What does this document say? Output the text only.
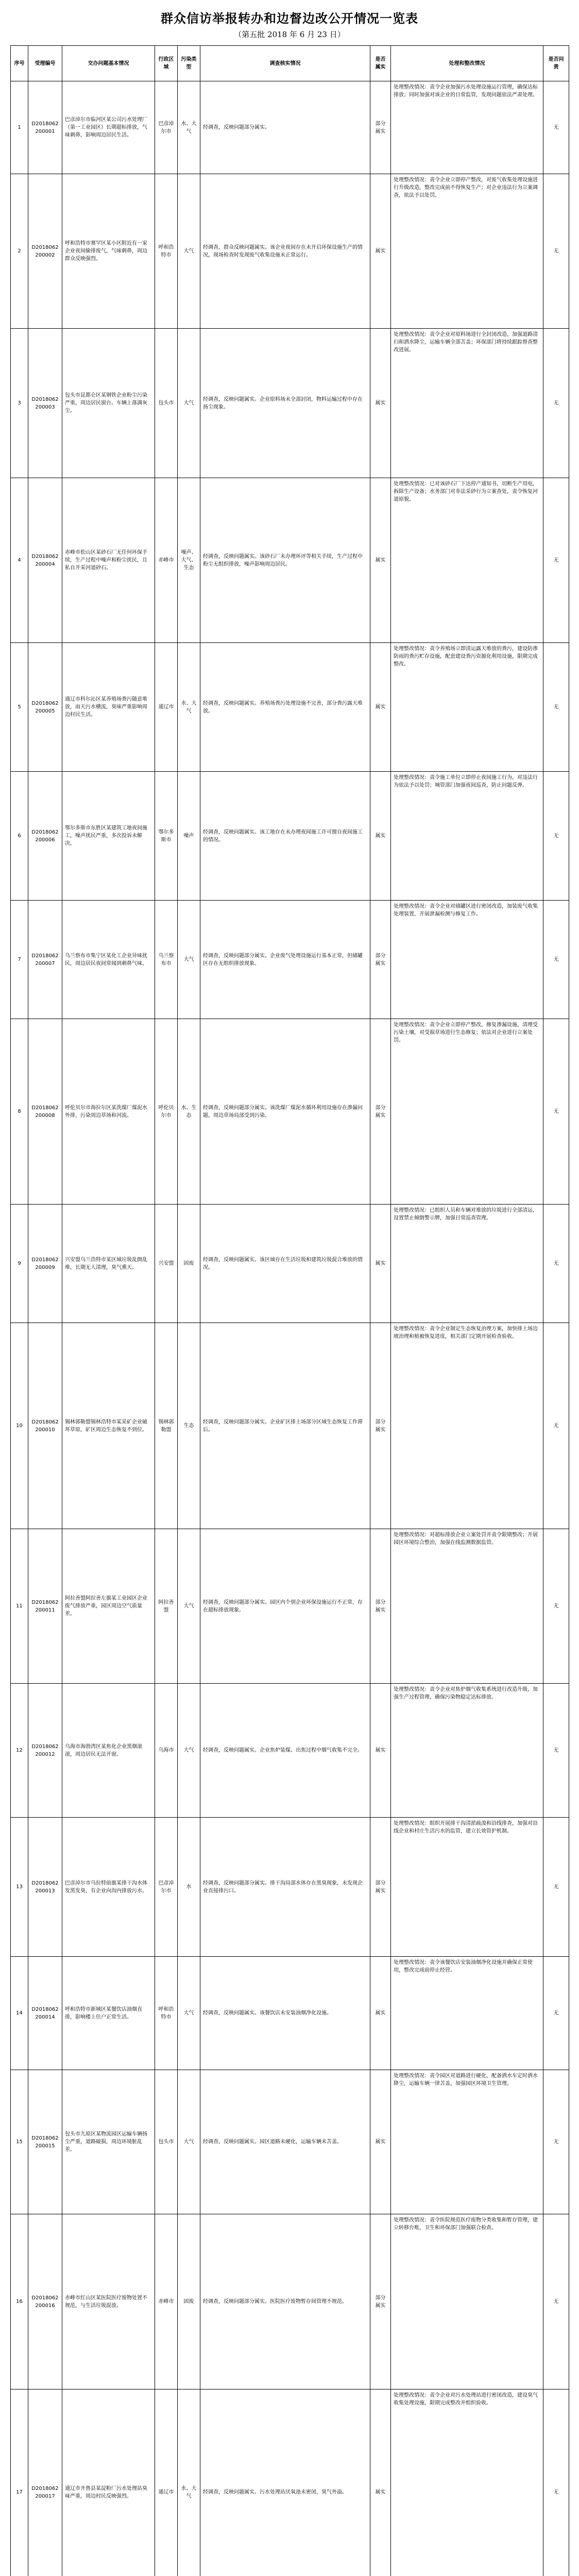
群众信访举报转办和边督边改公开情况一览表
（第五批 2018 年 6 月 23 日）
序号	受理编号	交办问题基本情况	行政区域	污染类型	调查核实情况	是否属实	处理和整改情况	是否问责
1	D2018062200001	巴彦淖尔市临河区某公司污水处理厂（第一工业园区）长期超标排放，气味刺鼻，影响周边居民生活。	巴彦淖尔市	水、大气	经调查，反映问题部分属实。	部分属实	处理整改情况：责令企业加强污水处理设施运行管理，确保达标排放；同时加强对该企业的日常监管，发现问题依法严肃处理。	无
2	D2018062200002	呼和浩特市赛罕区某小区附近有一家企业夜间偷排废气，气味刺鼻，周边群众反映强烈。	呼和浩特市	大气	经调查，群众反映问题属实。该企业夜间存在未开启环保设施生产的情况，现场检查时发现废气收集设施未正常运行。	属实	处理整改情况：责令企业立即停产整改，对废气收集处理设施进行升级改造，整改完成前不得恢复生产；对企业违法行为立案调查，依法予以处罚。	无
3	D2018062200003	包头市昆都仑区某钢铁企业粉尘污染严重，周边居民窗台、车辆上落满灰尘。	包头市	大气	经调查，反映问题属实。企业原料场未全部封闭，物料运输过程中存在扬尘现象。	属实	处理整改情况：责令企业对原料场进行全封闭改造，加强道路清扫和洒水降尘，运输车辆全部苫盖；环保部门将持续跟踪督查整改进展。	无
4	D2018062200004	赤峰市松山区某砂石厂无任何环保手续，生产过程中噪声和粉尘扰民，且私自开采河道砂石。	赤峰市	噪声、大气、生态	经调查，反映问题属实。该砂石厂未办理环评等相关手续，生产过程中粉尘无组织排放，噪声影响周边居民。	属实	处理整改情况：已对该砂石厂下达停产通知书，切断生产用电，拆除生产设备；水务部门对非法采砂行为立案查处，责令恢复河道原貌。	无
5	D2018062200005	通辽市科尔沁区某养殖场粪污随意堆放，雨天污水横流，臭味严重影响周边村民生活。	通辽市	水、大气	经调查，反映问题属实。养殖场粪污处理设施不完善，部分粪污露天堆放。	属实	处理整改情况：责令养殖场立即清运露天堆放的粪污，建设防渗防雨的粪污贮存设施，配套建设粪污资源化利用设施，限期完成整改。	无
6	D2018062200006	鄂尔多斯市东胜区某建筑工地夜间施工，噪声扰民严重，多次投诉未解决。	鄂尔多斯市	噪声	经调查，反映问题属实。该工地存在未办理夜间施工许可擅自夜间施工的情况。	属实	处理整改情况：责令施工单位立即停止夜间施工行为，对违法行为依法予以处罚；城管部门加强夜间巡查，防止问题反弹。	无
7	D2018062200007	乌兰察布市集宁区某化工企业异味扰民，周边居民夜间常闻到刺鼻气味。	乌兰察布市	大气	经调查，反映问题部分属实。企业废气处理设施运行基本正常，但储罐区存在无组织排放现象。	部分属实	处理整改情况：责令企业对储罐区进行密闭改造，加装废气收集处理装置，开展泄漏检测与修复工作。	无
8	D2018062200008	呼伦贝尔市海拉尔区某洗煤厂煤泥水外排，污染周边草场和河流。	呼伦贝尔市	水、生态	经调查，反映问题部分属实。该洗煤厂煤泥水循环利用设施存在渗漏问题，周边草场局部受到污染。	部分属实	处理整改情况：责令企业立即停产整改，修复渗漏设施，清理受污染土壤，对受损草场进行生态修复；依法对企业进行立案处罚。	无
9	D2018062200009	兴安盟乌兰浩特市某区域垃圾乱倒乱堆，长期无人清理，臭气熏天。	兴安盟	固废	经调查，反映问题属实。该区域存在生活垃圾和建筑垃圾混合堆放的情况。	属实	处理整改情况：已组织人员和车辆对堆放的垃圾进行全部清运，设置禁止倾倒警示牌，加强日常巡查管理。	无
10	D2018062200010	锡林郭勒盟锡林浩特市某采矿企业破坏草原，矿区周边生态恢复不到位。	锡林郭勒盟	生态	经调查，反映问题部分属实。企业矿区排土场部分区域生态恢复工作滞后。	部分属实	处理整改情况：责令企业制定生态恢复治理方案，加快排土场边坡治理和植被恢复进度，相关部门定期开展检查验收。	无
11	D2018062200011	阿拉善盟阿拉善左旗某工业园区企业废气排放严重，园区周边空气质量差。	阿拉善盟	大气	经调查，反映问题部分属实。园区内个别企业环保设施运行不正常，存在超标排放现象。	部分属实	处理整改情况：对超标排放企业立案处罚并责令限期整改；开展园区环境综合整治，加强在线监测数据监管。	无
12	D2018062200012	乌海市海勃湾区某焦化企业黑烟滚滚，周边居民无法开窗。	乌海市	大气	经调查，反映问题属实。企业焦炉装煤、出焦过程中烟气收集不完全。	属实	处理整改情况：责令企业对焦炉烟气收集系统进行改造升级，加强生产过程管理，确保污染物稳定达标排放。	无
13	D2018062200013	巴彦淖尔市乌拉特前旗某排干沟水体发黑发臭，有企业向沟内排放污水。	巴彦淖尔市	水	经调查，反映问题部分属实。排干沟局部水体存在黑臭现象，未发现企业直接排污口。	部分属实	处理整改情况：组织开展排干沟清淤疏浚和沿线排查，加强对沿线企业和村庄生活污水的监管，建立长效管护机制。	无
14	D2018062200014	呼和浩特市新城区某餐饮店油烟直排，影响楼上住户正常生活。	呼和浩特市	大气	经调查，反映问题属实。该餐饮店未安装油烟净化设施。	属实	处理整改情况：责令该餐饮店安装油烟净化设施并确保正常使用，整改完成前停止经营。	无
15	D2018062200015	包头市九原区某物流园区运输车辆扬尘严重，道路破损，周边环境脏乱差。	包头市	大气	经调查，反映问题属实。园区道路未硬化，运输车辆未苫盖。	属实	处理整改情况：责令园区对道路进行硬化，配备洒水车定时洒水降尘，运输车辆一律苫盖，加强园区环境卫生管理。	无
16	D2018062200016	赤峰市红山区某医院医疗废物处置不规范，与生活垃圾混放。	赤峰市	固废	经调查，反映问题部分属实。医院医疗废物暂存间管理不规范。	部分属实	处理整改情况：责令医院规范医疗废物分类收集和暂存管理，建立转移台账，卫生和环保部门加强联合检查。	无
17	D2018062200017	通辽市开鲁县某淀粉厂污水处理站臭味严重，周边村民反映强烈。	通辽市	水、大气	经调查，反映问题属实。污水处理站厌氧池未密闭，臭气外溢。	属实	处理整改情况：责令企业对污水处理站进行密闭改造，建设臭气收集处理设施，限期完成整改并组织验收。	无
